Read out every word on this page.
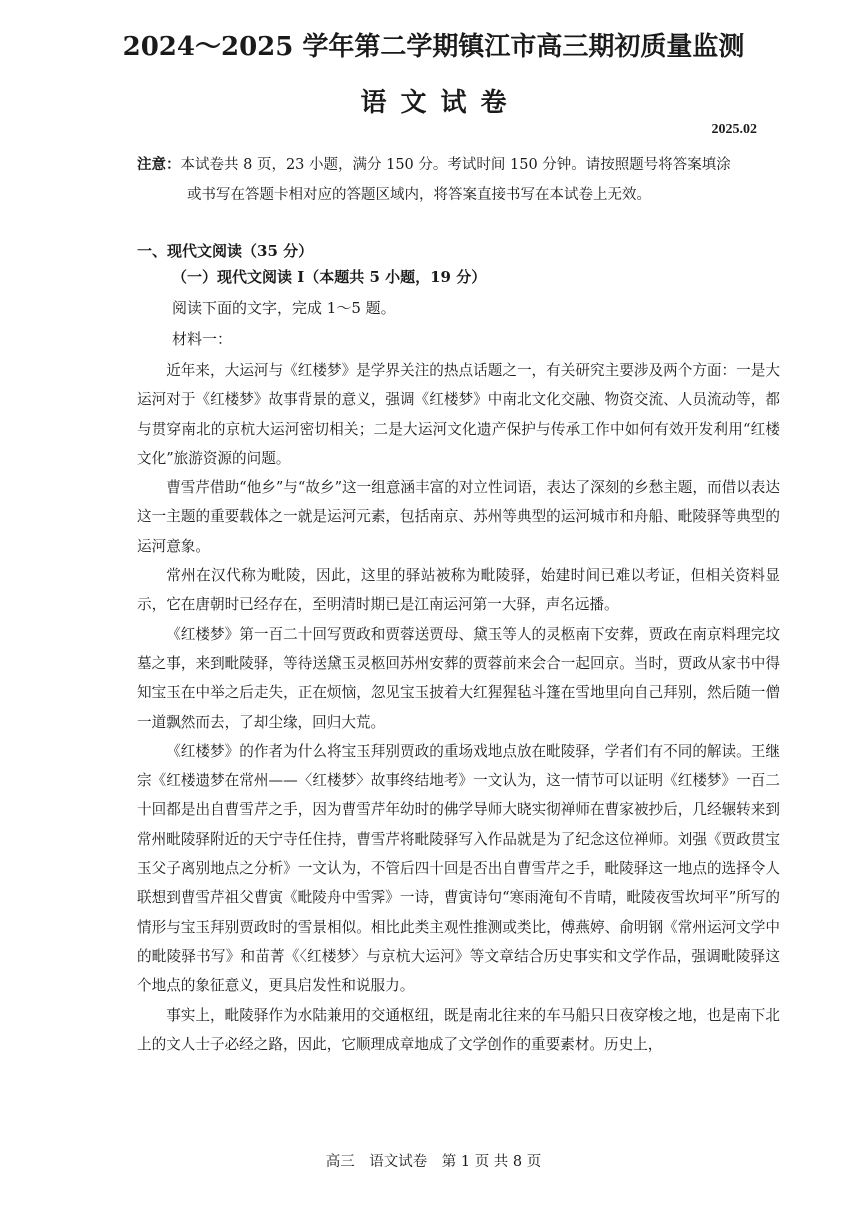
2024～2025 学年第二学期镇江市高三期初质量监测
语文试卷
2025.02
注意：本试卷共 8 页，23 小题，满分 150 分。考试时间 150 分钟。请按照题号将答案填涂
或书写在答题卡相对应的答题区域内，将答案直接书写在本试卷上无效。
一、现代文阅读（35 分）
（一）现代文阅读 I（本题共 5 小题，19 分）
阅读下面的文字，完成 1～5 题。
材料一：

近年来，大运河与《红楼梦》是学界关注的热点话题之一，有关研究主要涉及两个方面：一是大运河对于《红楼梦》故事背景的意义，强调《红楼梦》中南北文化交融、物资交流、人员流动等，都与贯穿南北的京杭大运河密切相关；二是大运河文化遗产保护与传承工作中如何有效开发利用“红楼文化”旅游资源的问题。

曹雪芹借助“他乡”与“故乡”这一组意涵丰富的对立性词语，表达了深刻的乡愁主题，而借以表达这一主题的重要载体之一就是运河元素，包括南京、苏州等典型的运河城市和舟船、毗陵驿等典型的运河意象。

常州在汉代称为毗陵，因此，这里的驿站被称为毗陵驿，始建时间已难以考证，但相关资料显示，它在唐朝时已经存在，至明清时期已是江南运河第一大驿，声名远播。

《红楼梦》第一百二十回写贾政和贾蓉送贾母、黛玉等人的灵柩南下安葬，贾政在南京料理完坟墓之事，来到毗陵驿，等待送黛玉灵柩回苏州安葬的贾蓉前来会合一起回京。当时，贾政从家书中得知宝玉在中举之后走失，正在烦恼，忽见宝玉披着大红猩猩毡斗篷在雪地里向自己拜别，然后随一僧一道飘然而去，了却尘缘，回归大荒。

《红楼梦》的作者为什么将宝玉拜别贾政的重场戏地点放在毗陵驿，学者们有不同的解读。王继宗《红楼遗梦在常州——〈红楼梦〉故事终结地考》一文认为，这一情节可以证明《红楼梦》一百二十回都是出自曹雪芹之手，因为曹雪芹年幼时的佛学导师大晓实彻禅师在曹家被抄后，几经辗转来到常州毗陵驿附近的天宁寺任住持，曹雪芹将毗陵驿写入作品就是为了纪念这位禅师。刘强《贾政贯宝玉父子离别地点之分析》一文认为，不管后四十回是否出自曹雪芹之手，毗陵驿这一地点的选择令人联想到曹雪芹祖父曹寅《毗陵舟中雪霁》一诗，曹寅诗句“寒雨淹旬不肯晴，毗陵夜雪坎坷平”所写的情形与宝玉拜别贾政时的雪景相似。相比此类主观性推测或类比，傅燕婷、俞明钢《常州运河文学中的毗陵驿书写》和苗菁《〈红楼梦〉与京杭大运河》等文章结合历史事实和文学作品，强调毗陵驿这个地点的象征意义，更具启发性和说服力。

事实上，毗陵驿作为水陆兼用的交通枢纽，既是南北往来的车马船只日夜穿梭之地，也是南下北上的文人士子必经之路，因此，它顺理成章地成了文学创作的重要素材。历史上，

高三　语文试卷　第 1 页 共 8 页
